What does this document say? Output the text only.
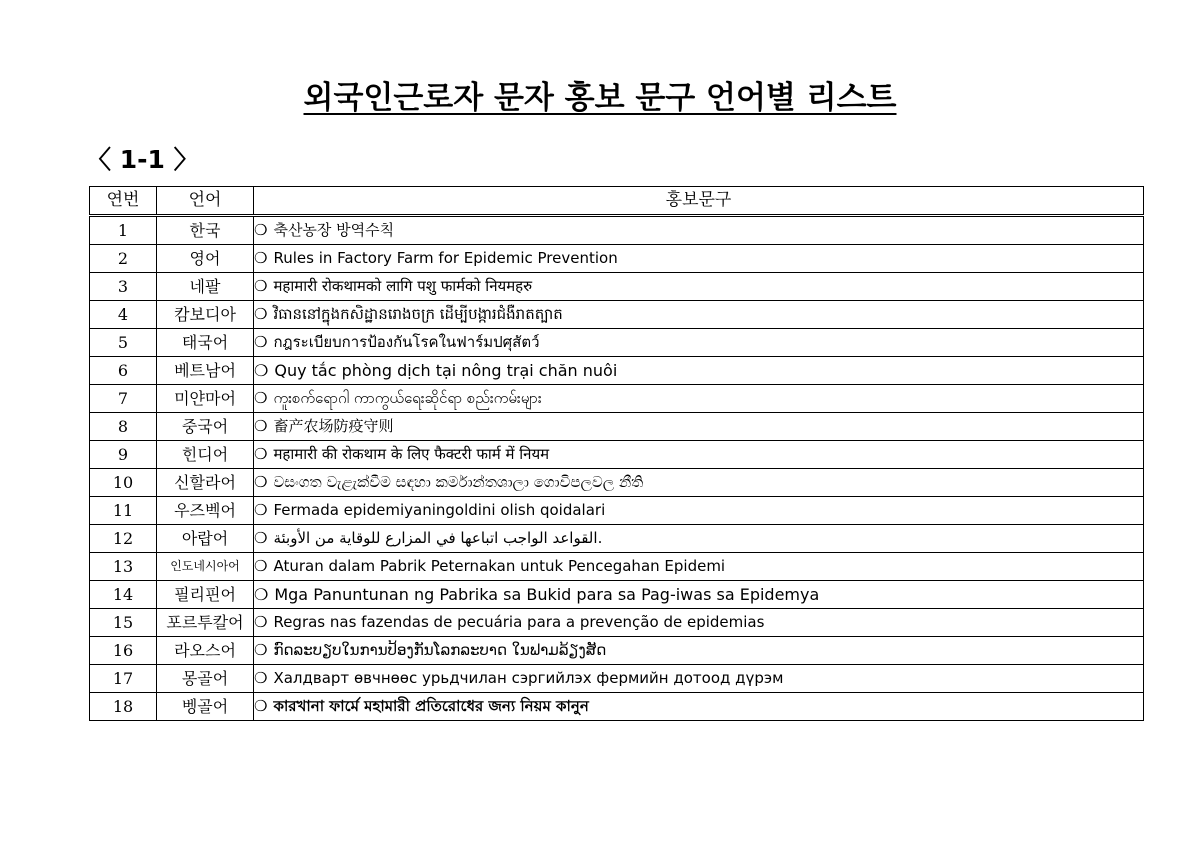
외국인근로자 문자 홍보 문구 언어별 리스트
〈 1-1 〉
연번	언어	홍보문구
1	한국	❍ 축산농장 방역수칙
2	영어	❍ Rules in Factory Farm for Epidemic Prevention
3	네팔	❍ महामारी रोकथामको लागि पशु फार्मको नियमहरु
4	캄보디아	❍ វិធាននៅក្នុងកសិដ្ឋានរោងចក្រ ដើម្បីបង្ការជំងឺរាតត្បាត
5	태국어	❍ กฎระเบียบการป้องกันโรคในฟาร์มปศุสัตว์
6	베트남어	❍ Quy tắc phòng dịch tại nông trại chăn nuôi
7	미얀마어	❍ ကူးစက်ရောဂါ ကာကွယ်ရေးဆိုင်ရာ စည်းကမ်းများ
8	중국어	❍ 畜产农场防疫守则
9	힌디어	❍ महामारी की रोकथाम के लिए फैक्टरी फार्म में नियम
10	신할라어	❍ වසංගත වැළැක්වීම සඳහා කර්මාන්තශාලා ගොවිපලවල නීති
11	우즈벡어	❍ Fermada epidemiyaningoldini olish qoidalari
12	아랍어	❍ القواعد الواجب اتباعها في المزارع للوقاية من الأوبئة.
13	인도네시아어	❍ Aturan dalam Pabrik Peternakan untuk Pencegahan Epidemi
14	필리핀어	❍ Mga Panuntunan ng Pabrika sa Bukid para sa Pag-iwas sa Epidemya
15	포르투칼어	❍ Regras nas fazendas de pecuária para a prevenção de epidemias
16	라오스어	❍ ກົດລະບຽບໃນການປ້ອງກັນໂລກລະບາດ ໃນຟາມລ້ຽງສັດ
17	몽골어	❍ Халдварт өвчнөөс урьдчилан сэргийлэх фермийн дотоод дүрэм
18	벵골어	❍ কারখানা ফার্মে মহামারী প্রতিরোধের জন্য নিয়ম কানুন
